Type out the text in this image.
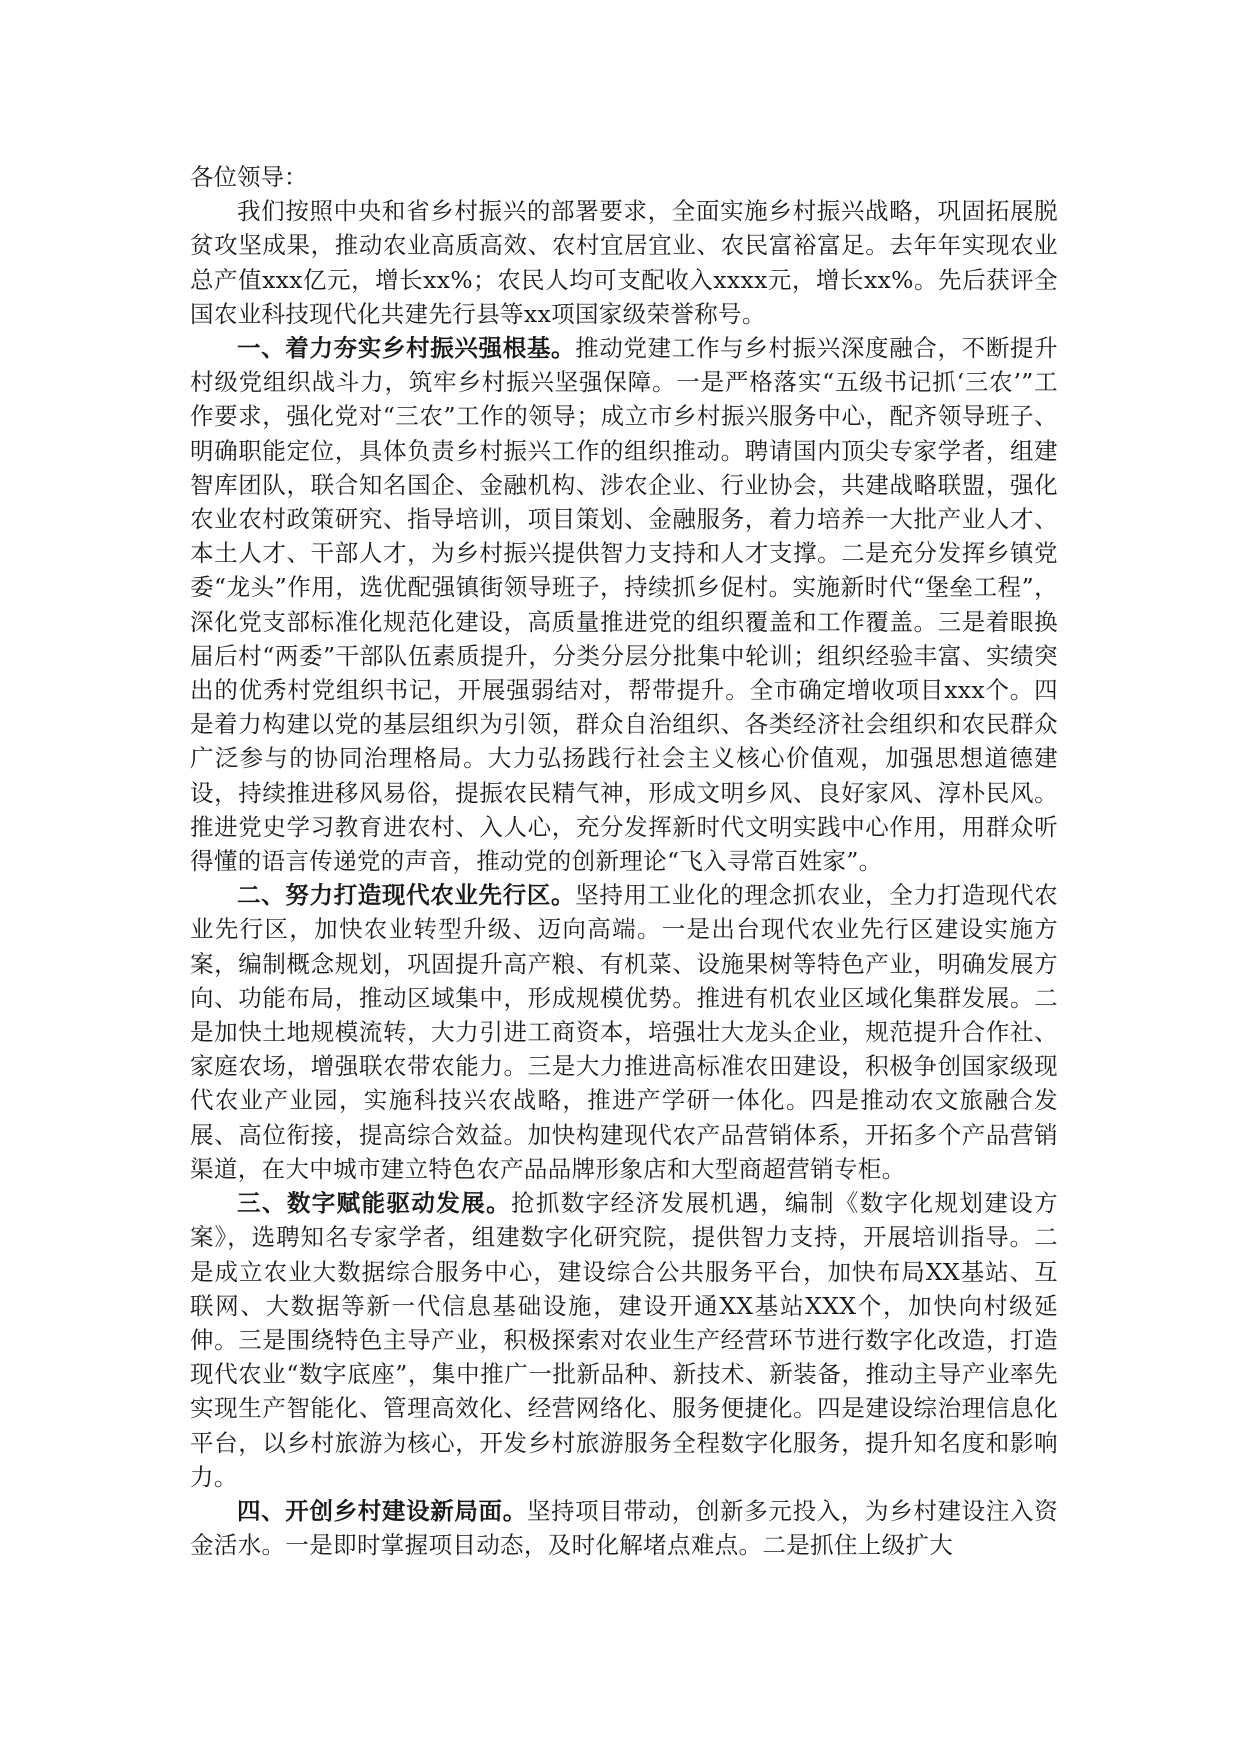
各位领导：

我们按照中央和省乡村振兴的部署要求，全面实施乡村振兴战略，巩固拓展脱贫攻坚成果，推动农业高质高效、农村宜居宜业、农民富裕富足。去年年实现农业总产值xxx亿元，增长xx%；农民人均可支配收入xxxx元，增长xx%。先后获评全国农业科技现代化共建先行县等xx项国家级荣誉称号。

一、着力夯实乡村振兴强根基。推动党建工作与乡村振兴深度融合，不断提升村级党组织战斗力，筑牢乡村振兴坚强保障。一是严格落实“五级书记抓‘三农’”工作要求，强化党对“三农”工作的领导；成立市乡村振兴服务中心，配齐领导班子、明确职能定位，具体负责乡村振兴工作的组织推动。聘请国内顶尖专家学者，组建智库团队，联合知名国企、金融机构、涉农企业、行业协会，共建战略联盟，强化农业农村政策研究、指导培训，项目策划、金融服务，着力培养一大批产业人才、本土人才、干部人才，为乡村振兴提供智力支持和人才支撑。二是充分发挥乡镇党委“龙头”作用，选优配强镇街领导班子，持续抓乡促村。实施新时代“堡垒工程”，深化党支部标准化规范化建设，高质量推进党的组织覆盖和工作覆盖。三是着眼换届后村“两委”干部队伍素质提升，分类分层分批集中轮训；组织经验丰富、实绩突出的优秀村党组织书记，开展强弱结对，帮带提升。全市确定增收项目xxx个。四是着力构建以党的基层组织为引领，群众自治组织、各类经济社会组织和农民群众广泛参与的协同治理格局。大力弘扬践行社会主义核心价值观，加强思想道德建设，持续推进移风易俗，提振农民精气神，形成文明乡风、良好家风、淳朴民风。推进党史学习教育进农村、入人心，充分发挥新时代文明实践中心作用，用群众听得懂的语言传递党的声音，推动党的创新理论“飞入寻常百姓家”。

二、努力打造现代农业先行区。坚持用工业化的理念抓农业，全力打造现代农业先行区，加快农业转型升级、迈向高端。一是出台现代农业先行区建设实施方案，编制概念规划，巩固提升高产粮、有机菜、设施果树等特色产业，明确发展方向、功能布局，推动区域集中，形成规模优势。推进有机农业区域化集群发展。二是加快土地规模流转，大力引进工商资本，培强壮大龙头企业，规范提升合作社、家庭农场，增强联农带农能力。三是大力推进高标准农田建设，积极争创国家级现代农业产业园，实施科技兴农战略，推进产学研一体化。四是推动农文旅融合发展、高位衔接，提高综合效益。加快构建现代农产品营销体系，开拓多个产品营销渠道，在大中城市建立特色农产品品牌形象店和大型商超营销专柜。

三、数字赋能驱动发展。抢抓数字经济发展机遇，编制《数字化规划建设方案》，选聘知名专家学者，组建数字化研究院，提供智力支持，开展培训指导。二是成立农业大数据综合服务中心，建设综合公共服务平台，加快布局XX基站、互联网、大数据等新一代信息基础设施，建设开通XX基站XXX个，加快向村级延伸。三是围绕特色主导产业，积极探索对农业生产经营环节进行数字化改造，打造现代农业“数字底座”，集中推广一批新品种、新技术、新装备，推动主导产业率先实现生产智能化、管理高效化、经营网络化、服务便捷化。四是建设综治理信息化平台，以乡村旅游为核心，开发乡村旅游服务全程数字化服务，提升知名度和影响力。

四、开创乡村建设新局面。坚持项目带动，创新多元投入，为乡村建设注入资金活水。一是即时掌握项目动态，及时化解堵点难点。二是抓住上级扩大
